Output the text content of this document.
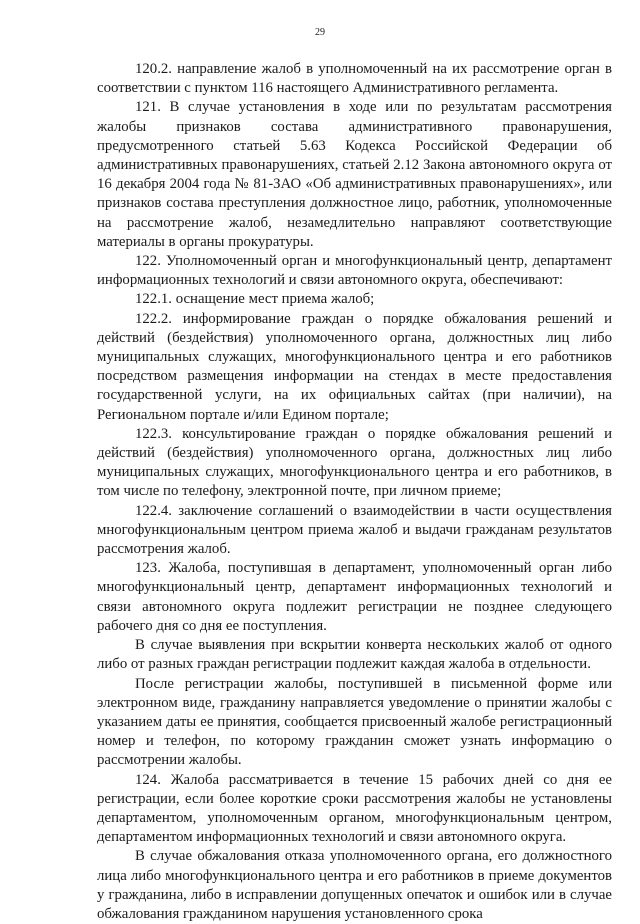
29

120.2. направление жалоб в уполномоченный на их рассмотрение орган в соответствии с пунктом 116 настоящего Административного регламента.

121. В случае установления в ходе или по результатам рассмотрения жалобы признаков состава административного правонарушения, предусмотренного статьей 5.63 Кодекса Российской Федерации об административных правонарушениях, статьей 2.12 Закона автономного округа от 16 декабря 2004 года № 81-ЗАО «Об административных правонарушениях», или признаков состава преступления должностное лицо, работник, уполномоченные на рассмотрение жалоб, незамедлительно направляют соответствующие материалы в органы прокуратуры.

122. Уполномоченный орган и многофункциональный центр, департамент информационных технологий и связи автономного округа, обеспечивают:

122.1. оснащение мест приема жалоб;

122.2. информирование граждан о порядке обжалования решений и действий (бездействия) уполномоченного органа, должностных лиц либо муниципальных служащих, многофункционального центра и его работников посредством размещения информации на стендах в месте предоставления государственной услуги, на их официальных сайтах (при наличии), на Региональном портале и/или Едином портале;

122.3. консультирование граждан о порядке обжалования решений и действий (бездействия) уполномоченного органа, должностных лиц либо муниципальных служащих, многофункционального центра и его работников, в том числе по телефону, электронной почте, при личном приеме;

122.4. заключение соглашений о взаимодействии в части осуществления многофункциональным центром приема жалоб и выдачи гражданам результатов рассмотрения жалоб.

123. Жалоба, поступившая в департамент, уполномоченный орган либо многофункциональный центр, департамент информационных технологий и связи автономного округа подлежит регистрации не позднее следующего рабочего дня со дня ее поступления.

В случае выявления при вскрытии конверта нескольких жалоб от одного либо от разных граждан регистрации подлежит каждая жалоба в отдельности.

После регистрации жалобы, поступившей в письменной форме или электронном виде, гражданину направляется уведомление о принятии жалобы с указанием даты ее принятия, сообщается присвоенный жалобе регистрационный номер и телефон, по которому гражданин сможет узнать информацию о рассмотрении жалобы.

124. Жалоба рассматривается в течение 15 рабочих дней со дня ее регистрации, если более короткие сроки рассмотрения жалобы не установлены департаментом, уполномоченным органом, многофункциональным центром, департаментом информационных технологий и связи автономного округа.

В случае обжалования отказа уполномоченного органа, его должностного лица либо многофункционального центра и его работников в приеме документов у гражданина, либо в исправлении допущенных опечаток и ошибок или в случае обжалования гражданином нарушения установленного срока
